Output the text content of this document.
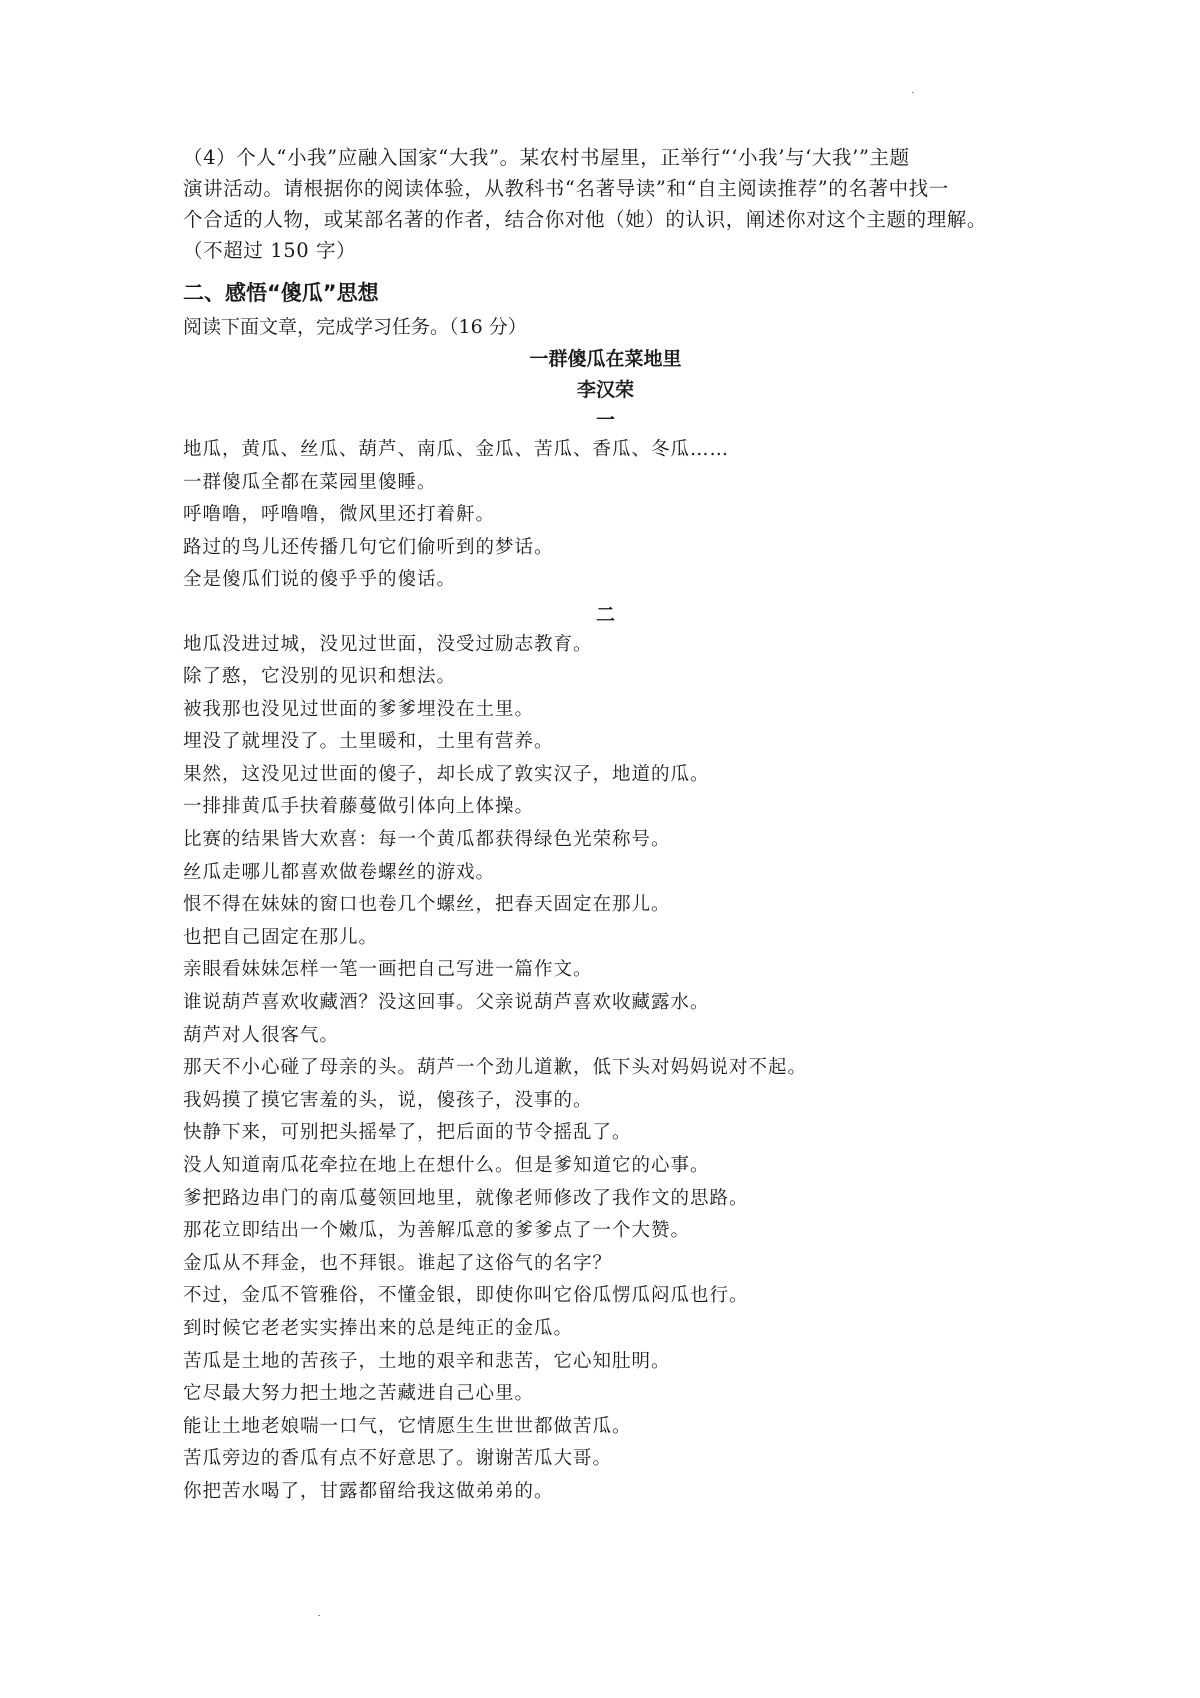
（4）个人“小我”应融入国家“大我”。某农村书屋里，正举行“‘小我’与‘大我’”主题
演讲活动。请根据你的阅读体验，从教科书“名著导读”和“自主阅读推荐”的名著中找一
个合适的人物，或某部名著的作者，结合你对他（她）的认识，阐述你对这个主题的理解。
（不超过 150 字）

二、感悟“傻瓜”思想

阅读下面文章，完成学习任务。（16 分）

一群傻瓜在菜地里
李汉荣
一
地瓜，黄瓜、丝瓜、葫芦、南瓜、金瓜、苦瓜、香瓜、冬瓜……
一群傻瓜全都在菜园里傻睡。
呼噜噜，呼噜噜，微风里还打着鼾。
路过的鸟儿还传播几句它们偷听到的梦话。
全是傻瓜们说的傻乎乎的傻话。
二
地瓜没进过城，没见过世面，没受过励志教育。
除了憨，它没别的见识和想法。
被我那也没见过世面的爹爹埋没在土里。
埋没了就埋没了。土里暖和，土里有营养。
果然，这没见过世面的傻子，却长成了敦实汉子，地道的瓜。
一排排黄瓜手扶着藤蔓做引体向上体操。
比赛的结果皆大欢喜：每一个黄瓜都获得绿色光荣称号。
丝瓜走哪儿都喜欢做卷螺丝的游戏。
恨不得在妹妹的窗口也卷几个螺丝，把春天固定在那儿。
也把自己固定在那儿。
亲眼看妹妹怎样一笔一画把自己写进一篇作文。
谁说葫芦喜欢收藏酒？没这回事。父亲说葫芦喜欢收藏露水。
葫芦对人很客气。
那天不小心碰了母亲的头。葫芦一个劲儿道歉，低下头对妈妈说对不起。
我妈摸了摸它害羞的头，说，傻孩子，没事的。
快静下来，可别把头摇晕了，把后面的节令摇乱了。
没人知道南瓜花牵拉在地上在想什么。但是爹知道它的心事。
爹把路边串门的南瓜蔓领回地里，就像老师修改了我作文的思路。
那花立即结出一个嫩瓜，为善解瓜意的爹爹点了一个大赞。
金瓜从不拜金，也不拜银。谁起了这俗气的名字？
不过，金瓜不管雅俗，不懂金银，即使你叫它俗瓜愣瓜闷瓜也行。
到时候它老老实实捧出来的总是纯正的金瓜。
苦瓜是土地的苦孩子，土地的艰辛和悲苦，它心知肚明。
它尽最大努力把土地之苦藏进自己心里。
能让土地老娘喘一口气，它情愿生生世世都做苦瓜。
苦瓜旁边的香瓜有点不好意思了。谢谢苦瓜大哥。
你把苦水喝了，甘露都留给我这做弟弟的。
